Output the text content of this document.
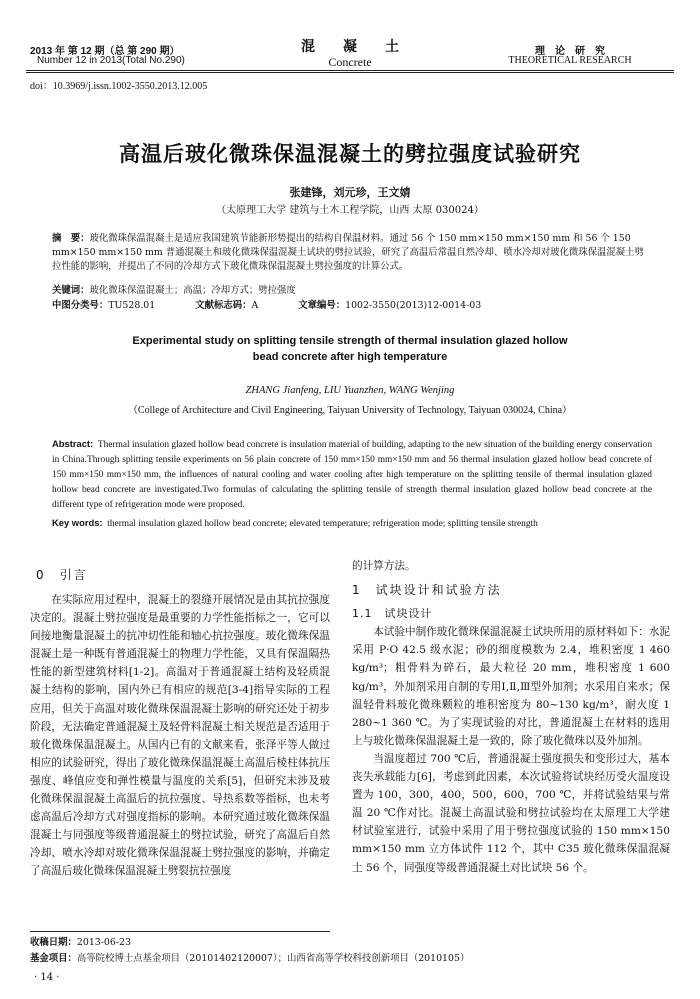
2013 年 第 12 期（总 第 290 期）
Number 12 in 2013(Total No.290)
混　　凝　　土
Concrete
理　论　研　究
THEORETICAL RESEARCH
doi：10.3969/j.issn.1002-3550.2013.12.005
高温后玻化微珠保温混凝土的劈拉强度试验研究
张建锋，刘元珍，王文婧
（太原理工大学 建筑与土木工程学院，山西 太原 030024）
摘　要：玻化微珠保温混凝土是适应我国建筑节能新形势提出的结构自保温材料。通过 56 个 150 mm×150 mm×150 mm 和 56 个 150 mm×150 mm×150 mm 普通混凝土和玻化微珠保温混凝土试块的劈拉试验，研究了高温后常温自然冷却、喷水冷却对玻化微珠保温混凝土劈拉性能的影响，并提出了不同的冷却方式下玻化微珠保温混凝土劈拉强度的计算公式。
关键词：玻化微珠保温混凝土；高温；冷却方式；劈拉强度
中图分类号：TU528.01	文献标志码：A	文章编号：1002-3550(2013)12-0014-03
Experimental study on splitting tensile strength of thermal insulation glazed hollow
bead concrete after high temperature
ZHANG Jianfeng, LIU Yuanzhen, WANG Wenjing
（College of Architecture and Civil Engineering, Taiyuan University of Technology, Taiyuan 030024, China）
Abstract: Thermal insulation glazed hollow bead concrete is insulation material of building, adapting to the new situation of the building energy conservation in China.Through splitting tensile experiments on 56 plain concrete of 150 mm×150 mm×150 mm and 56 thermal insulation glazed hollow bead concrete of 150 mm×150 mm×150 mm, the influences of natural cooling and water cooling after high temperature on the splitting tensile of thermal insulation glazed hollow bead concrete are investigated.Two formulas of calculating the splitting tensile of strength thermal insulation glazed hollow bead concrete at the different type of refrigeration mode were proposed.
Key words: thermal insulation glazed hollow bead concrete; elevated temperature; refrigeration mode; splitting tensile strength
0　引言

在实际应用过程中，混凝土的裂缝开展情况是由其抗拉强度决定的。混凝土劈拉强度是最重要的力学性能指标之一，它可以间接地衡量混凝土的抗冲切性能和轴心抗拉强度。玻化微珠保温混凝土是一种既有普通混凝土的物理力学性能，又具有保温隔热性能的新型建筑材料[1-2]。高温对于普通混凝土结构及轻质混凝土结构的影响，国内外已有相应的规范[3-4]指导实际的工程应用，但关于高温对玻化微珠保温混凝土影响的研究还处于初步阶段，无法确定普通混凝土及轻骨料混凝土相关规范是否适用于玻化微珠保温混凝土。从国内已有的文献来看，张泽平等人做过相应的试验研究，得出了玻化微珠保温混凝土高温后棱柱体抗压强度、峰值应变和弹性模量与温度的关系[5]，但研究未涉及玻化微珠保温混凝土高温后的抗拉强度、导热系数等指标，也未考虑高温后冷却方式对强度指标的影响。本研究通过玻化微珠保温混凝土与同强度等级普通混凝土的劈拉试验，研究了高温后自然冷却、喷水冷却对玻化微珠保温混凝土劈拉强度的影响，并确定了高温后玻化微珠保温混凝土劈裂抗拉强度

的计算方法。
1　试块设计和试验方法
1.1　试块设计

本试验中制作玻化微珠保温混凝土试块所用的原材料如下：水泥采用 P·O 42.5 级水泥；砂的细度模数为 2.4，堆积密度 1 460 kg/m³；粗骨料为碎石，最大粒径 20 mm，堆积密度 1 600 kg/m³，外加剂采用自制的专用Ⅰ,Ⅱ,Ⅲ型外加剂；水采用自来水；保温轻骨料玻化微珠颗粒的堆积密度为 80~130 kg/m³，耐火度 1 280~1 360 ℃。为了实现试验的对比，普通混凝土在材料的选用上与玻化微珠保温混凝土是一致的，除了玻化微珠以及外加剂。

当温度超过 700 ℃后，普通混凝土强度损失和变形过大，基本丧失承载能力[6]，考虑到此因素，本次试验将试块经历受火温度设置为 100，300，400，500，600，700 ℃，并将试验结果与常温 20 ℃作对比。混凝土高温试验和劈拉试验均在太原理工大学建材试验室进行，试验中采用了用于劈拉强度试验的 150 mm×150 mm×150 mm 立方体试件 112 个，其中 C35 玻化微珠保温混凝土 56 个，同强度等级普通混凝土对比试块 56 个。

收稿日期：2013-06-23
基金项目：高等院校博士点基金项目（20101402120007）；山西省高等学校科技创新项目（2010105）
· 14 ·
